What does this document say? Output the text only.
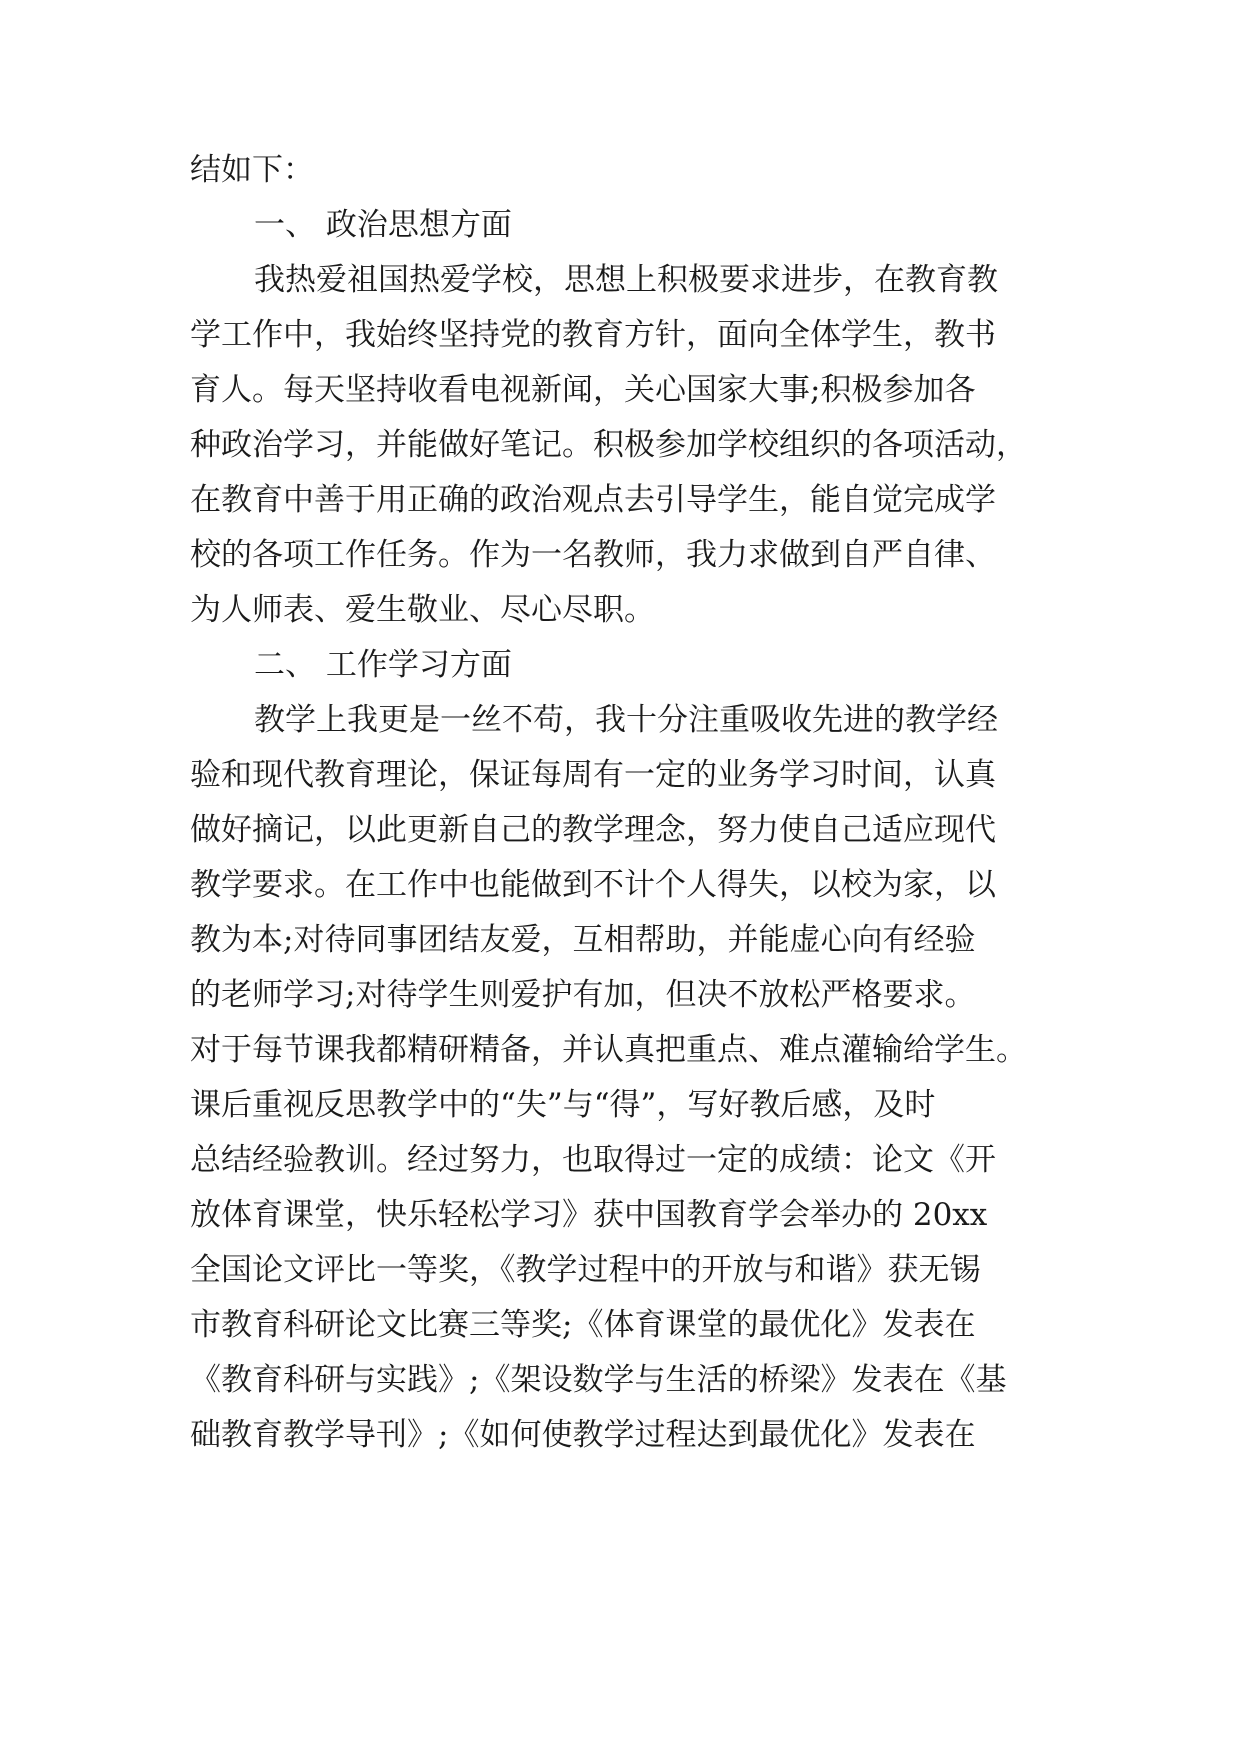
结如下：
一、 政治思想方面
我热爱祖国热爱学校，思想上积极要求进步，在教育教
学工作中，我始终坚持党的教育方针，面向全体学生，教书
育人。每天坚持收看电视新闻，关心国家大事;积极参加各
种政治学习，并能做好笔记。积极参加学校组织的各项活动，
在教育中善于用正确的政治观点去引导学生，能自觉完成学
校的各项工作任务。作为一名教师，我力求做到自严自律、
为人师表、爱生敬业、尽心尽职。
二、 工作学习方面
教学上我更是一丝不苟，我十分注重吸收先进的教学经
验和现代教育理论，保证每周有一定的业务学习时间，认真
做好摘记，以此更新自己的教学理念，努力使自己适应现代
教学要求。在工作中也能做到不计个人得失，以校为家，以
教为本;对待同事团结友爱，互相帮助，并能虚心向有经验
的老师学习;对待学生则爱护有加，但决不放松严格要求。
对于每节课我都精研精备，并认真把重点、难点灌输给学生。
课后重视反思教学中的“失”与“得”，写好教后感，及时
总结经验教训。经过努力，也取得过一定的成绩：论文《开
放体育课堂，快乐轻松学习》获中国教育学会举办的 20xx
全国论文评比一等奖，《教学过程中的开放与和谐》获无锡
市教育科研论文比赛三等奖;《体育课堂的最优化》发表在
《教育科研与实践》;《架设数学与生活的桥梁》发表在《基
础教育教学导刊》;《如何使教学过程达到最优化》发表在
